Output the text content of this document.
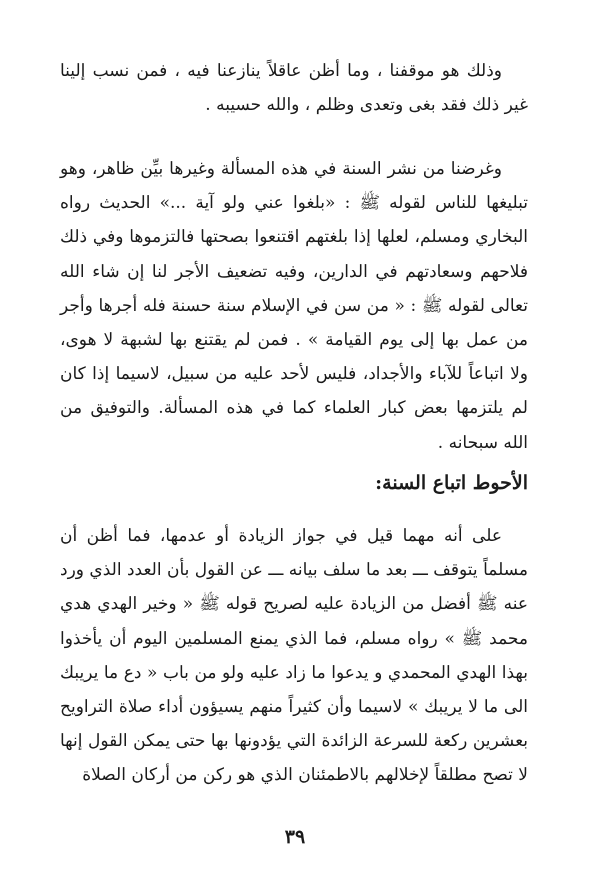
وذلك هو موقفنا ، وما أظن عاقلاً ينازعنا فيه ، فمن نسب إلينا غير ذلك فقد بغى وتعدى وظلم ، والله حسيبه .

وغرضنا من نشر السنة في هذه المسألة وغيرها بيِّن ظاهر، وهو تبليغها للناس لقوله ﷺ : «بلغوا عني ولو آية ...» الحديث رواه البخاري ومسلم، لعلها إذا بلغتهم اقتنعوا بصحتها فالتزموها وفي ذلك فلاحهم وسعادتهم في الدارين، وفيه تضعيف الأجر لنا إن شاء الله تعالى لقوله ﷺ : « من سن في الإسلام سنة حسنة فله أجرها وأجر من عمل بها إلى يوم القيامة » . فمن لم يقتنع بها لشبهة لا هوى، ولا اتباعاً للآباء والأجداد، فليس لأحد عليه من سبيل، لاسيما إذا كان لم يلتزمها بعض كبار العلماء كما في هذه المسألة. والتوفيق من الله سبحانه .

الأحوط اتباع السنة:

على أنه مهما قيل في جواز الزيادة أو عدمها، فما أظن أن مسلماً يتوقف ـــ بعد ما سلف بيانه ـــ عن القول بأن العدد الذي ورد عنه ﷺ أفضل من الزيادة عليه لصريح قوله ﷺ « وخير الهدي هدي محمد ﷺ » رواه مسلم، فما الذي يمنع المسلمين اليوم أن يأخذوا بهذا الهدي المحمدي و يدعوا ما زاد عليه ولو من باب « دع ما يريبك الى ما لا يريبك » لاسيما وأن كثيراً منهم يسيؤون أداء صلاة التراويح بعشرين ركعة للسرعة الزائدة التي يؤدونها بها حتى يمكن القول إنها لا تصح مطلقاً لإخلالهم بالاطمئنان الذي هو ركن من أركان الصلاة

٣٩
